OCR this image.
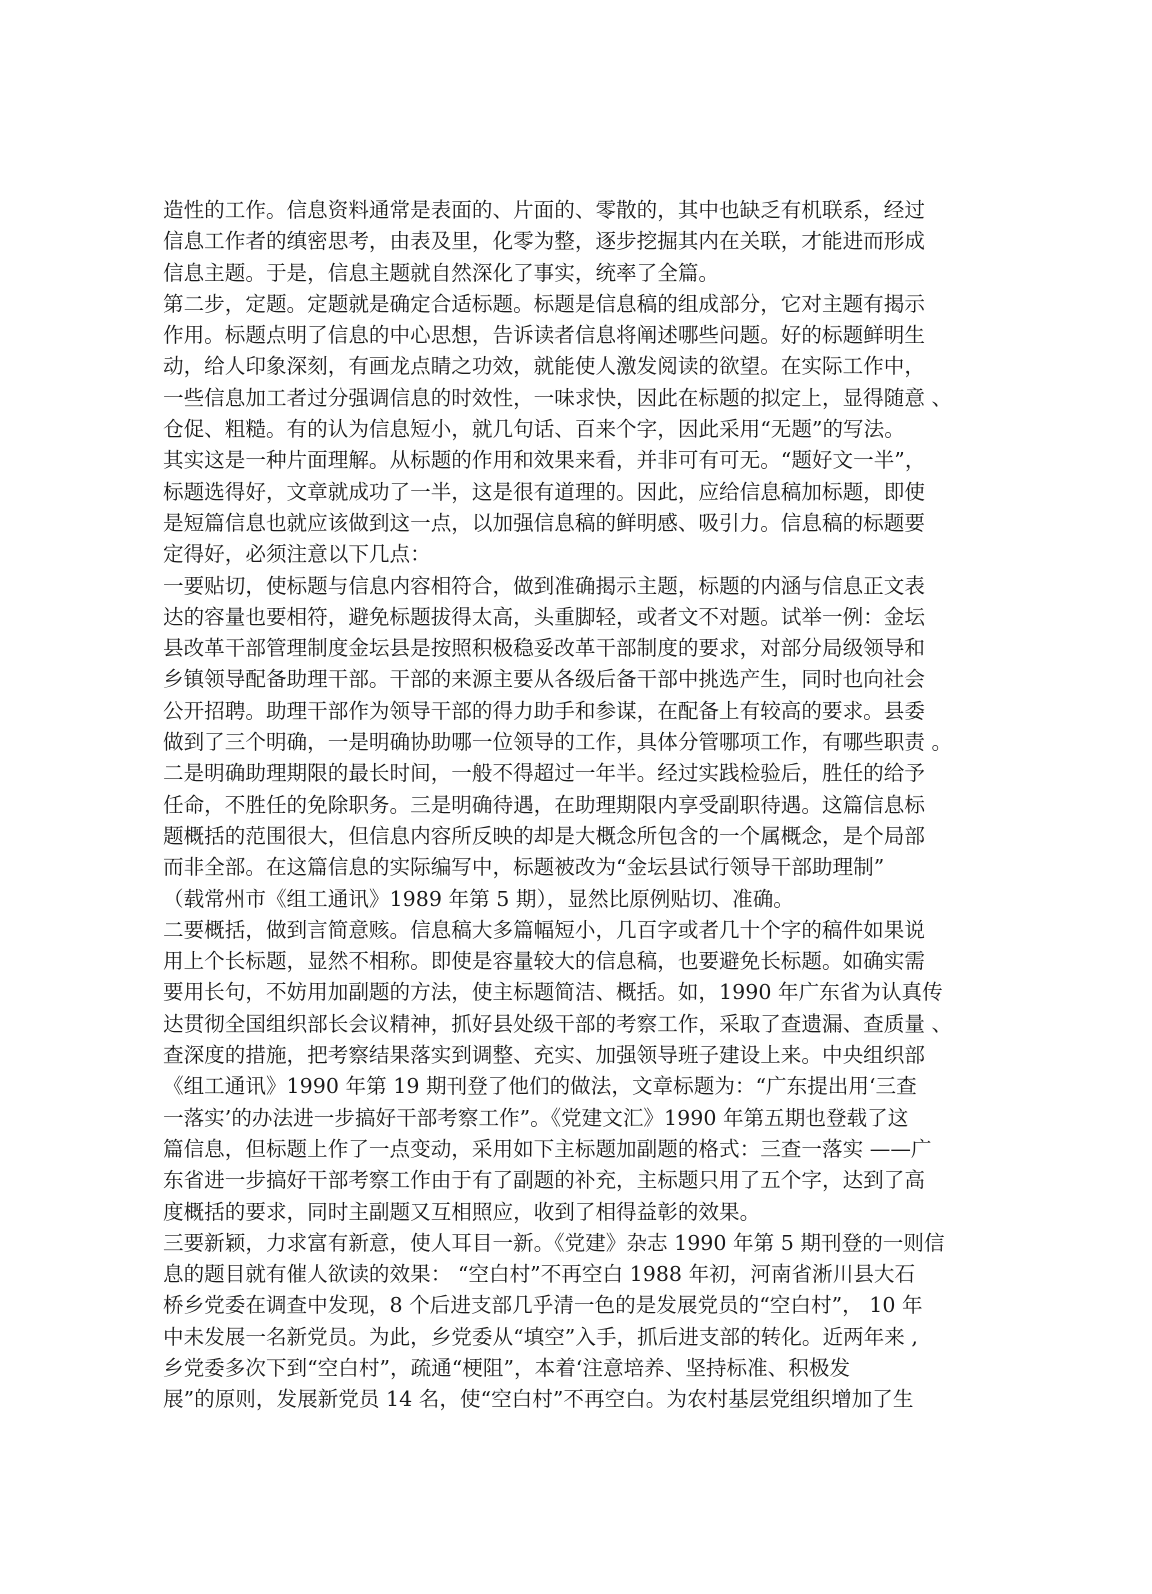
造性的工作。信息资料通常是表面的、片面的、零散的，其中也缺乏有机联系，经过
信息工作者的缜密思考，由表及里，化零为整，逐步挖掘其内在关联，才能进而形成
信息主题。于是，信息主题就自然深化了事实，统率了全篇。
第二步，定题。定题就是确定合适标题。标题是信息稿的组成部分，它对主题有揭示
作用。标题点明了信息的中心思想，告诉读者信息将阐述哪些问题。好的标题鲜明生
动，给人印象深刻，有画龙点睛之功效，就能使人激发阅读的欲望。在实际工作中，
一些信息加工者过分强调信息的时效性，一味求快，因此在标题的拟定上，显得随意 、
仓促、粗糙。有的认为信息短小，就几句话、百来个字，因此采用“无题”的写法。
其实这是一种片面理解。从标题的作用和效果来看，并非可有可无。“题好文一半”，
标题选得好，文章就成功了一半，这是很有道理的。因此，应给信息稿加标题，即使
是短篇信息也就应该做到这一点，以加强信息稿的鲜明感、吸引力。信息稿的标题要
定得好，必须注意以下几点：
一要贴切，使标题与信息内容相符合，做到准确揭示主题，标题的内涵与信息正文表
达的容量也要相符，避免标题拔得太高，头重脚轻，或者文不对题。试举一例：金坛
县改革干部管理制度金坛县是按照积极稳妥改革干部制度的要求，对部分局级领导和
乡镇领导配备助理干部。干部的来源主要从各级后备干部中挑选产生，同时也向社会
公开招聘。助理干部作为领导干部的得力助手和参谋，在配备上有较高的要求。县委
做到了三个明确，一是明确协助哪一位领导的工作，具体分管哪项工作，有哪些职责 。
二是明确助理期限的最长时间，一般不得超过一年半。经过实践检验后，胜任的给予
任命，不胜任的免除职务。三是明确待遇，在助理期限内享受副职待遇。这篇信息标
题概括的范围很大，但信息内容所反映的却是大概念所包含的一个属概念，是个局部
而非全部。在这篇信息的实际编写中，标题被改为“金坛县试行领导干部助理制”
（载常州市《组工通讯》1989 年第 5 期），显然比原例贴切、准确。
二要概括，做到言简意赅。信息稿大多篇幅短小，几百字或者几十个字的稿件如果说
用上个长标题，显然不相称。即使是容量较大的信息稿，也要避免长标题。如确实需
要用长句，不妨用加副题的方法，使主标题简洁、概括。如，1990 年广东省为认真传
达贯彻全国组织部长会议精神，抓好县处级干部的考察工作，采取了查遗漏、查质量 、
查深度的措施，把考察结果落实到调整、充实、加强领导班子建设上来。中央组织部
《组工通讯》1990 年第 19 期刊登了他们的做法，文章标题为：“广东提出用‘三查
一落实’的办法进一步搞好干部考察工作”。《党建文汇》1990 年第五期也登载了这
篇信息，但标题上作了一点变动，采用如下主标题加副题的格式：三查一落实 ——广
东省进一步搞好干部考察工作由于有了副题的补充，主标题只用了五个字，达到了高
度概括的要求，同时主副题又互相照应，收到了相得益彰的效果。
三要新颖，力求富有新意，使人耳目一新。《党建》杂志 1990 年第 5 期刊登的一则信
息的题目就有催人欲读的效果： “空白村”不再空白 1988 年初，河南省淅川县大石
桥乡党委在调查中发现，8 个后进支部几乎清一色的是发展党员的“空白村”， 10 年
中未发展一名新党员。为此，乡党委从“填空”入手，抓后进支部的转化。近两年来 ,
乡党委多次下到“空白村”，疏通“梗阻”，本着‘注意培养、坚持标准、积极发
展”的原则，发展新党员 14 名，使“空白村”不再空白。为农村基层党组织增加了生
